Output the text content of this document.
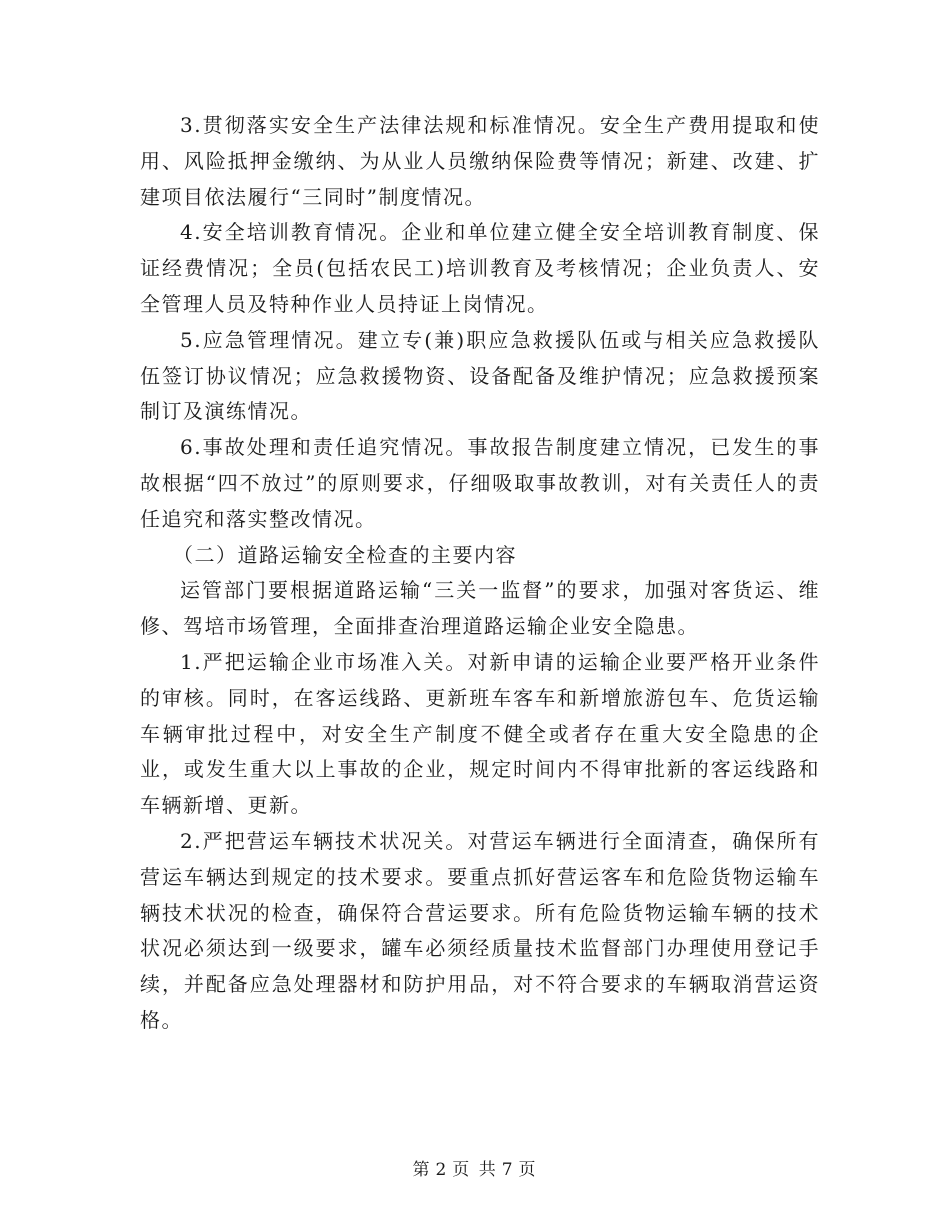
3.贯彻落实安全生产法律法规和标准情况。安全生产费用提取和使用、风险抵押金缴纳、为从业人员缴纳保险费等情况；新建、改建、扩建项目依法履行“三同时”制度情况。

4.安全培训教育情况。企业和单位建立健全安全培训教育制度、保证经费情况；全员(包括农民工)培训教育及考核情况；企业负责人、安全管理人员及特种作业人员持证上岗情况。

5.应急管理情况。建立专(兼)职应急救援队伍或与相关应急救援队伍签订协议情况；应急救援物资、设备配备及维护情况；应急救援预案制订及演练情况。

6.事故处理和责任追究情况。事故报告制度建立情况，已发生的事故根据“四不放过”的原则要求，仔细吸取事故教训，对有关责任人的责任追究和落实整改情况。

（二）道路运输安全检查的主要内容

运管部门要根据道路运输“三关一监督”的要求，加强对客货运、维修、驾培市场管理，全面排查治理道路运输企业安全隐患。

1.严把运输企业市场准入关。对新申请的运输企业要严格开业条件的审核。同时，在客运线路、更新班车客车和新增旅游包车、危货运输车辆审批过程中，对安全生产制度不健全或者存在重大安全隐患的企业，或发生重大以上事故的企业，规定时间内不得审批新的客运线路和车辆新增、更新。

2.严把营运车辆技术状况关。对营运车辆进行全面清查，确保所有营运车辆达到规定的技术要求。要重点抓好营运客车和危险货物运输车辆技术状况的检查，确保符合营运要求。所有危险货物运输车辆的技术状况必须达到一级要求，罐车必须经质量技术监督部门办理使用登记手续，并配备应急处理器材和防护用品，对不符合要求的车辆取消营运资格。

第 2 页 共 7 页
